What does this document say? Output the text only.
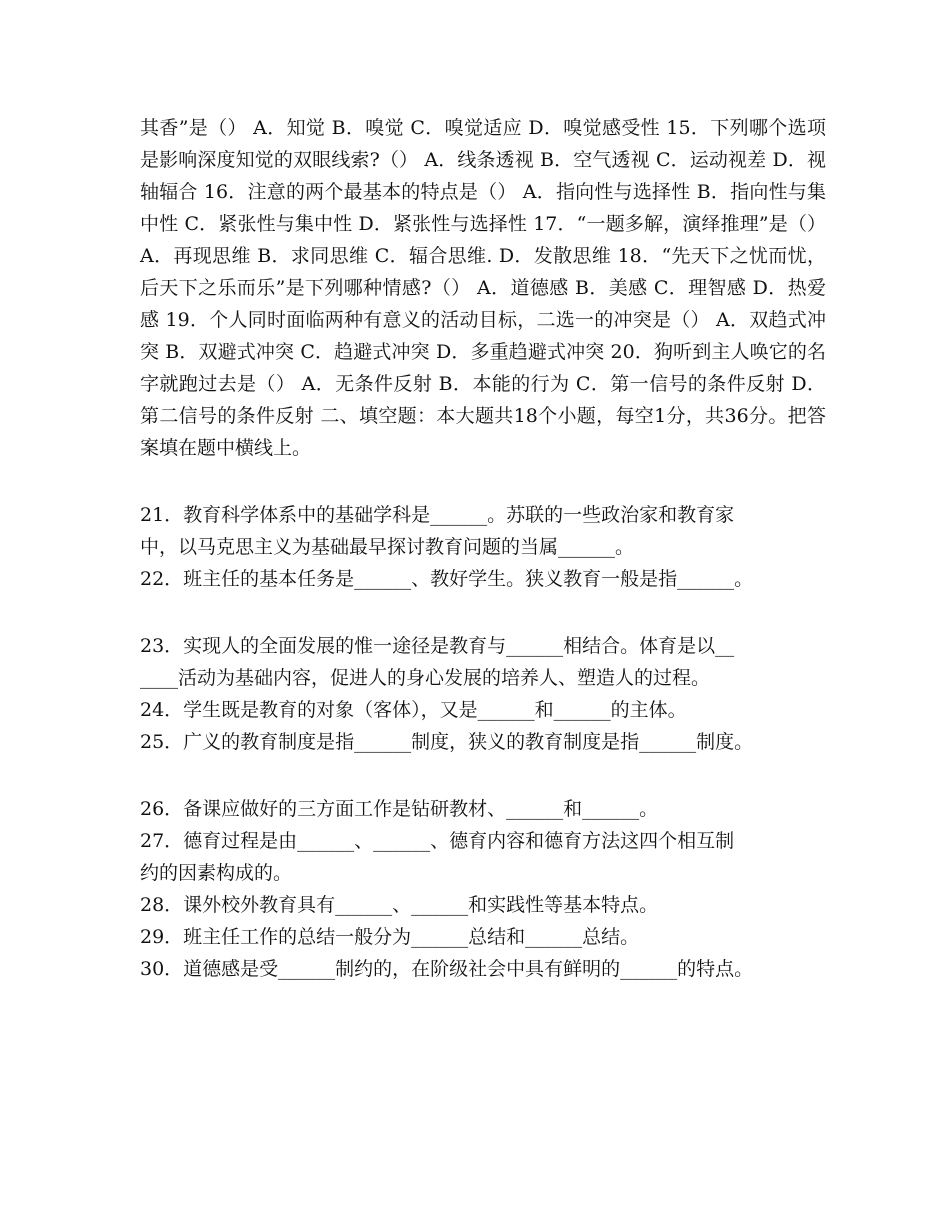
其香”是（） A．知觉 B．嗅觉 C．嗅觉适应 D．嗅觉感受性 15．下列哪个选项是影响深度知觉的双眼线索?（） A．线条透视 B．空气透视 C．运动视差 D．视轴辐合 16．注意的两个最基本的特点是（） A．指向性与选择性 B．指向性与集中性 C．紧张性与集中性 D．紧张性与选择性 17．“一题多解，演绎推理”是（） A．再现思维 B．求同思维 C．辐合思维. D．发散思维 18．“先天下之忧而忧，后天下之乐而乐”是下列哪种情感?（） A．道德感 B．美感 C．理智感 D．热爱感 19．个人同时面临两种有意义的活动目标，二选一的冲突是（） A．双趋式冲突 B．双避式冲突 C．趋避式冲突 D．多重趋避式冲突 20．狗听到主人唤它的名字就跑过去是（） A．无条件反射 B．本能的行为 C．第一信号的条件反射 D．第二信号的条件反射 二、填空题：本大题共18个小题，每空1分，共36分。把答案填在题中横线上。

21．教育科学体系中的基础学科是______。苏联的一些政治家和教育家
中，以马克思主义为基础最早探讨教育问题的当属______。
22．班主任的基本任务是______、教好学生。狭义教育一般是指______。
23．实现人的全面发展的惟一途径是教育与______相结合。体育是以__
____活动为基础内容，促进人的身心发展的培养人、塑造人的过程。
24．学生既是教育的对象（客体），又是______和______的主体。
25．广义的教育制度是指______制度，狭义的教育制度是指______制度。
26．备课应做好的三方面工作是钻研教材、______和______。
27．德育过程是由______、______、德育内容和德育方法这四个相互制
约的因素构成的。
28．课外校外教育具有______、______和实践性等基本特点。
29．班主任工作的总结一般分为______总结和______总结。
30．道德感是受______制约的，在阶级社会中具有鲜明的______的特点。
